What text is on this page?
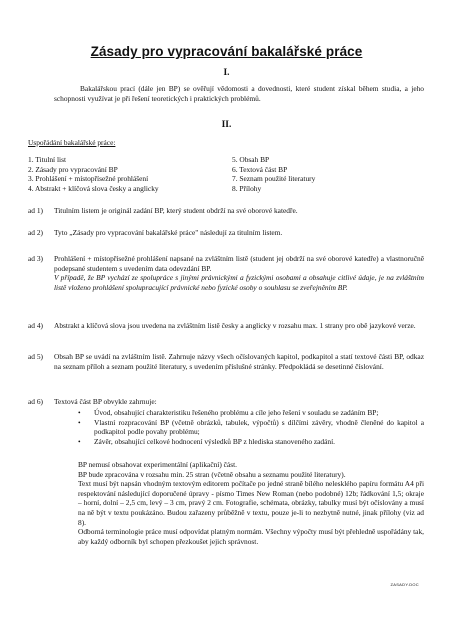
Zásady pro vypracování bakalářské práce
I.
Bakalářskou prací (dále jen BP) se ověřují vědomosti a dovednosti, které student získal během studia, a jeho schopnosti využívat je při řešení teoretických i praktických problémů.
II.
Uspořádání bakalářské práce:
1. Titulní list
2. Zásady pro vypracování BP
3. Prohlášení + místopřísežné prohlášení
4. Abstrakt + klíčová slova česky a anglicky
5. Obsah BP
6. Textová část BP
7. Seznam použité literatury
8. Přílohy
ad 1) Titulním listem je originál zadání BP, který student obdrží na své oborové katedře.
ad 2) Tyto „Zásady pro vypracování bakalářské práce" následují za titulním listem.
ad 3) Prohlášení + místopřísežné prohlášení napsané na zvláštním listě (student jej obdrží na své oborové katedře) a vlastnoručně podepsané studentem s uvedením data odevzdání BP.
V případě, že BP vychází ze spolupráce s jinými právnickými a fyzickými osobami a obsahuje citlivé údaje, je na zvláštním listě vloženo prohlášení spolupracující právnické nebo fyzické osoby o souhlasu se zveřejněním BP.
ad 4) Abstrakt a klíčová slova jsou uvedena na zvláštním listě česky a anglicky v rozsahu max. 1 strany pro obě jazykové verze.
ad 5) Obsah BP se uvádí na zvláštním listě. Zahrnuje názvy všech očíslovaných kapitol, podkapitol a statí textové části BP, odkaz na seznam příloh a seznam použité literatury, s uvedením příslušné stránky. Předpokládá se desetinné číslování.
ad 6) Textová část BP obvykle zahrnuje:
• Úvod, obsahující charakteristiku řešeného problému a cíle jeho řešení v souladu se zadáním BP;
• Vlastní rozpracování BP (včetně obrázků, tabulek, výpočtů) s dílčími závěry, vhodně členěné do kapitol a podkapitol podle povahy problému;
• Závěr, obsahující celkové hodnocení výsledků BP z hlediska stanoveného zadání.
BP nemusí obsahovat experimentální (aplikační) část.
BP bude zpracována v rozsahu min. 25 stran (včetně obsahu a seznamu použité literatury).
Text musí být napsán vhodným textovým editorem počítače po jedné straně bílého nelesklého papíru formátu A4 při respektování následující doporučené úpravy - písmo Times New Roman (nebo podobné) 12b; řádkování 1,5; okraje – horní, dolní – 2,5 cm, levý – 3 cm, pravý 2 cm. Fotografie, schémata, obrázky, tabulky musí být očíslovány a musí na ně být v textu poukázáno. Budou zařazeny průběžně v textu, pouze je-li to nezbytně nutné, jinak přílohy (viz ad 8).
Odborná terminologie práce musí odpovídat platným normám. Všechny výpočty musí být přehledně uspořádány tak, aby každý odborník byl schopen přezkoušet jejich správnost.
ZASADY.DOC
